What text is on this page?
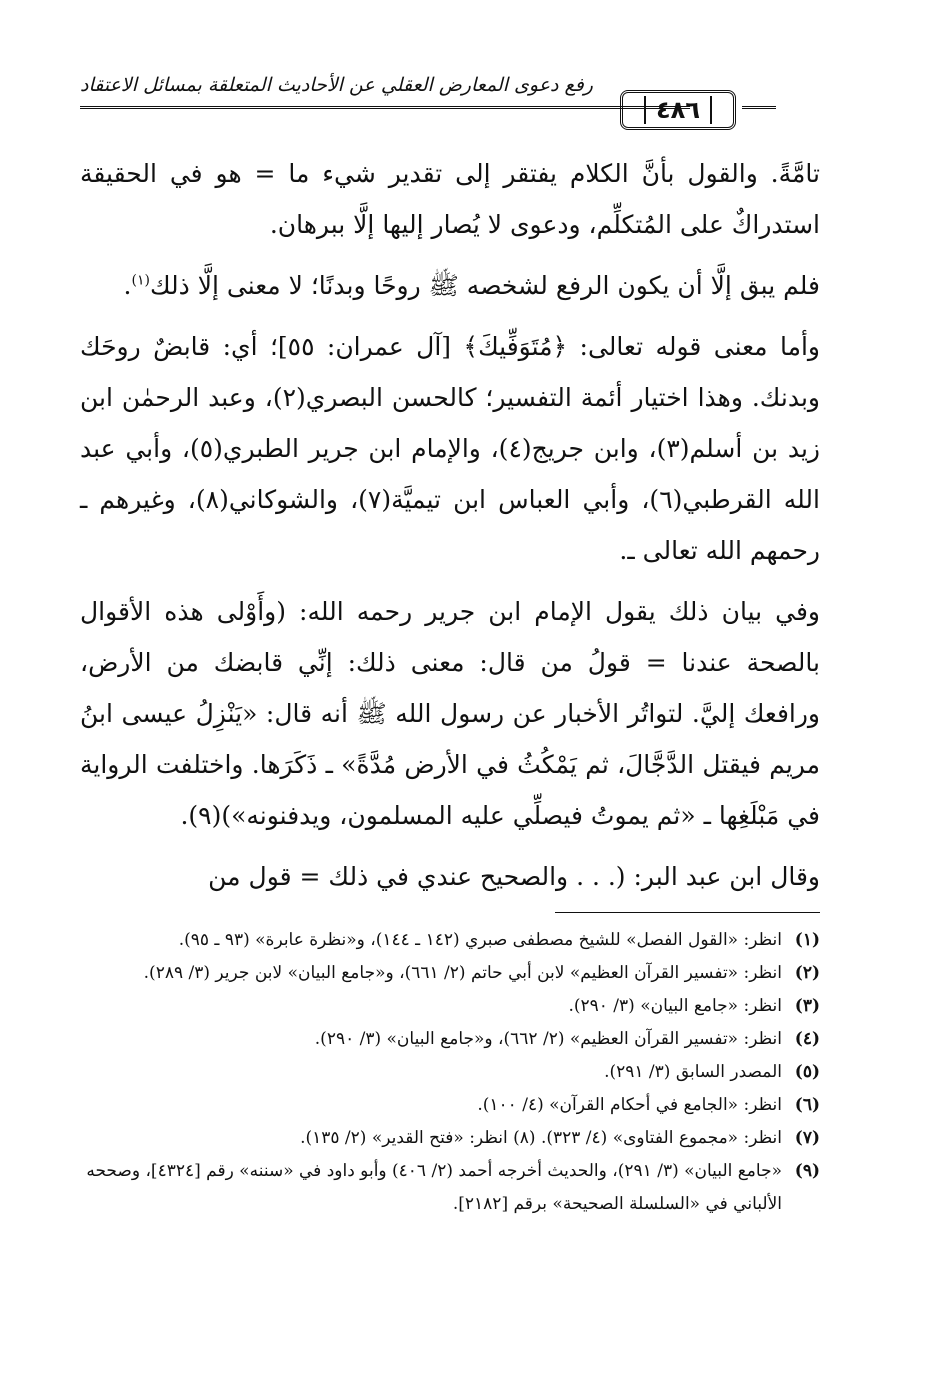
رفع دعوى المعارض العقلي عن الأحاديث المتعلقة بمسائل الاعتقاد
٤٨٦

تامَّةً. والقول بأنَّ الكلام يفتقر إلى تقدير شيء ما = هو في الحقيقة استدراكٌ على المُتكلِّم، ودعوى لا يُصار إليها إلَّا ببرهان.

فلم يبق إلَّا أن يكون الرفع لشخصه ﷺ روحًا وبدنًا؛ لا معنى إلَّا ذلك$^{(١)}$.

وأما معنى قوله تعالى: ﴿مُتَوَفِّيكَ﴾ [آل عمران: ٥٥]؛ أي: قابضٌ روحَك وبدنك. وهذا اختيار أئمة التفسير؛ كالحسن البصري(٢)، وعبد الرحمٰن ابن زيد بن أسلم(٣)، وابن جريج(٤)، والإمام ابن جرير الطبري(٥)، وأبي عبد الله القرطبي(٦)، وأبي العباس ابن تيميَّة(٧)، والشوكاني(٨)، وغيرهم ـ رحمهم الله تعالى ـ.

وفي بيان ذلك يقول الإمام ابن جرير رحمه الله: (وأَوْلى هذه الأقوال بالصحة عندنا = قولُ من قال: معنى ذلك: إنِّي قابضك من الأرض، ورافعك إليَّ. لتواتُر الأخبار عن رسول الله ﷺ أنه قال: «يَنْزِلُ عيسى ابنُ مريم فيقتل الدَّجَّالَ، ثم يَمْكُثُ في الأرض مُدَّةً» ـ ذَكَرَها. واختلفت الرواية في مَبْلَغِها ـ «ثم يموتُ فيصلِّي عليه المسلمون، ويدفنونه»)(٩).

وقال ابن عبد البر: (. . . والصحيح عندي في ذلك = قول من

(١)
انظر: «القول الفصل» للشيخ مصطفى صبري (١٤٢ ـ ١٤٤)، و«نظرة عابرة» (٩٣ ـ ٩٥).
(٢)
انظر: «تفسير القرآن العظيم» لابن أبي حاتم (٢/ ٦٦١)، و«جامع البيان» لابن جرير (٣/ ٢٨٩).
(٣)
انظر: «جامع البيان» (٣/ ٢٩٠).
(٤)
انظر: «تفسير القرآن العظيم» (٢/ ٦٦٢)، و«جامع البيان» (٣/ ٢٩٠).
(٥)
المصدر السابق (٣/ ٢٩١).
(٦)
انظر: «الجامع في أحكام القرآن» (٤/ ١٠٠).
(٧)
انظر: «مجموع الفتاوى» (٤/ ٣٢٣). (٨) انظر: «فتح القدير» (٢/ ١٣٥).
(٩)
«جامع البيان» (٣/ ٢٩١)، والحديث أخرجه أحمد (٢/ ٤٠٦) وأبو داود في «سننه» رقم [٤٣٢٤]، وصححه الألباني في «السلسلة الصحيحة» برقم [٢١٨٢].
